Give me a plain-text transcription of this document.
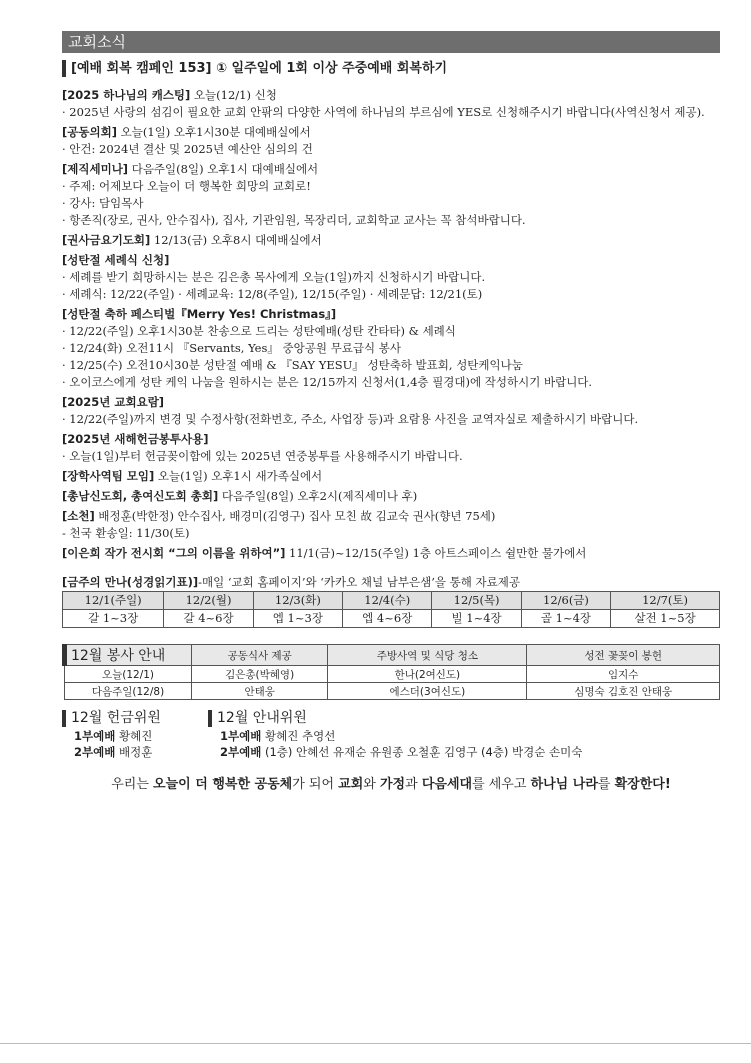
교회소식
[예배 회복 캠페인 153] ① 일주일에 1회 이상 주중예배 회복하기
[2025 하나님의 캐스팅] 오늘(12/1) 신청
· 2025년 사랑의 섬김이 필요한 교회 안팎의 다양한 사역에 하나님의 부르심에 YES로 신청해주시기 바랍니다(사역신청서 제공).
[공동의회] 오늘(1일) 오후1시30분 대예배실에서
· 안건: 2024년 결산 및 2025년 예산안 심의의 건
[제직세미나] 다음주일(8일) 오후1시 대예배실에서
· 주제: 어제보다 오늘이 더 행복한 희망의 교회로!
· 강사: 담임목사
· 항존직(장로, 권사, 안수집사), 집사, 기관임원, 목장리더, 교회학교 교사는 꼭 참석바랍니다.
[권사금요기도회] 12/13(금) 오후8시 대예배실에서
[성탄절 세례식 신청]
· 세례를 받기 희망하시는 분은 김은총 목사에게 오늘(1일)까지 신청하시기 바랍니다.
· 세례식: 12/22(주일) · 세례교육: 12/8(주일), 12/15(주일) · 세례문답: 12/21(토)
[성탄절 축하 페스티벌『Merry Yes! Christmas』]
· 12/22(주일) 오후1시30분 찬송으로 드리는 성탄예배(성탄 칸타타) & 세례식
· 12/24(화) 오전11시 『Servants, Yes』 중앙공원 무료급식 봉사
· 12/25(수) 오전10시30분 성탄절 예배 & 『SAY YESU』 성탄축하 발표회, 성탄케익나눔
· 오이코스에게 성탄 케익 나눔을 원하시는 분은 12/15까지 신청서(1,4층 필경대)에 작성하시기 바랍니다.
[2025년 교회요람]
· 12/22(주일)까지 변경 및 수정사항(전화번호, 주소, 사업장 등)과 요람용 사진을 교역자실로 제출하시기 바랍니다.
[2025년 새해헌금봉투사용]
· 오늘(1일)부터 헌금꽂이함에 있는 2025년 연중봉투를 사용해주시기 바랍니다.
[장학사역팀 모임] 오늘(1일) 오후1시 새가족실에서
[총남신도회, 총여신도회 총회] 다음주일(8일) 오후2시(제직세미나 후)
[소천] 배정훈(박한정) 안수집사, 배경미(김영구) 집사 모친 故 김교숙 권사(향년 75세)
- 천국 환송일: 11/30(토)
[이은희 작가 전시회 “그의 이름을 위하여”] 11/1(금)~12/15(주일) 1층 아트스페이스 쉴만한 물가에서
[금주의 만나(성경읽기표)]-매일 ‘교회 홈페이지’와 ‘카카오 채널 남부은샘’을 통해 자료제공
12/1(주일)	12/2(월)	12/3(화)	12/4(수)	12/5(목)	12/6(금)	12/7(토)
갈 1~3장	갈 4~6장	엡 1~3장	엡 4~6장	빌 1~4장	골 1~4장	살전 1~5장
12월 봉사 안내	공동식사 제공	주방사역 및 식당 청소	성전 꽃꽂이 봉헌
오늘(12/1)	김은총(박혜영)	한나(2여신도)	임지수
다음주일(12/8)	안태웅	에스더(3여신도)	심명숙 김호진 안태웅
12월 헌금위원
1부예배 황혜진
2부예배 배정훈
12월 안내위원
1부예배 황혜진 추영선
2부예배 (1층) 안혜선 유재순 유원종 오철훈 김영구 (4층) 박경순 손미숙
우리는 오늘이 더 행복한 공동체가 되어 교회와 가정과 다음세대를 세우고 하나님 나라를 확장한다!
